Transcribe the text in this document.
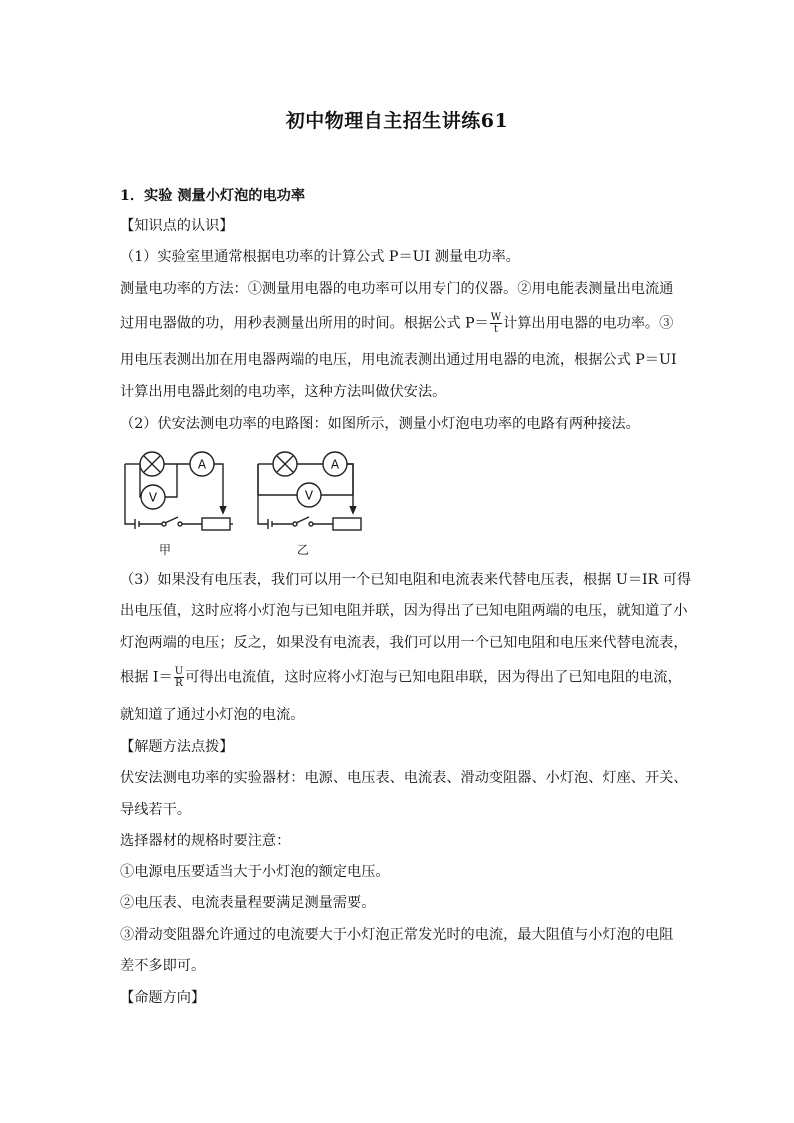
初中物理自主招生讲练61
1．实验 测量小灯泡的电功率
【知识点的认识】
（1）实验室里通常根据电功率的计算公式 P＝UI 测量电功率。
测量电功率的方法：①测量用电器的电功率可以用专门的仪器。②用电能表测量出电流通
过用电器做的功，用秒表测量出所用的时间。根据公式 $P= \frac{W}{t}$ 计算出用电器的电功率。③
用电压表测出加在用电器两端的电压，用电流表测出通过用电器的电流，根据公式 P＝UI
计算出用电器此刻的电功率，这种方法叫做伏安法。
（2）伏安法测电功率的电路图：如图所示，测量小灯泡电功率的电路有两种接法。
A
V
A
V
甲	乙
（3）如果没有电压表，我们可以用一个已知电阻和电流表来代替电压表，根据 U＝IR 可得
出电压值，这时应将小灯泡与已知电阻并联，因为得出了已知电阻两端的电压，就知道了小
灯泡两端的电压；反之，如果没有电流表，我们可以用一个已知电阻和电压来代替电流表，
根据 $I= \frac{U}{R}$ 可得出电流值，这时应将小灯泡与已知电阻串联，因为得出了已知电阻的电流，
就知道了通过小灯泡的电流。
【解题方法点拨】
伏安法测电功率的实验器材：电源、电压表、电流表、滑动变阻器、小灯泡、灯座、开关、
导线若干。
选择器材的规格时要注意：
①电源电压要适当大于小灯泡的额定电压。
②电压表、电流表量程要满足测量需要。
③滑动变阻器允许通过的电流要大于小灯泡正常发光时的电流，最大阻值与小灯泡的电阻
差不多即可。
【命题方向】
